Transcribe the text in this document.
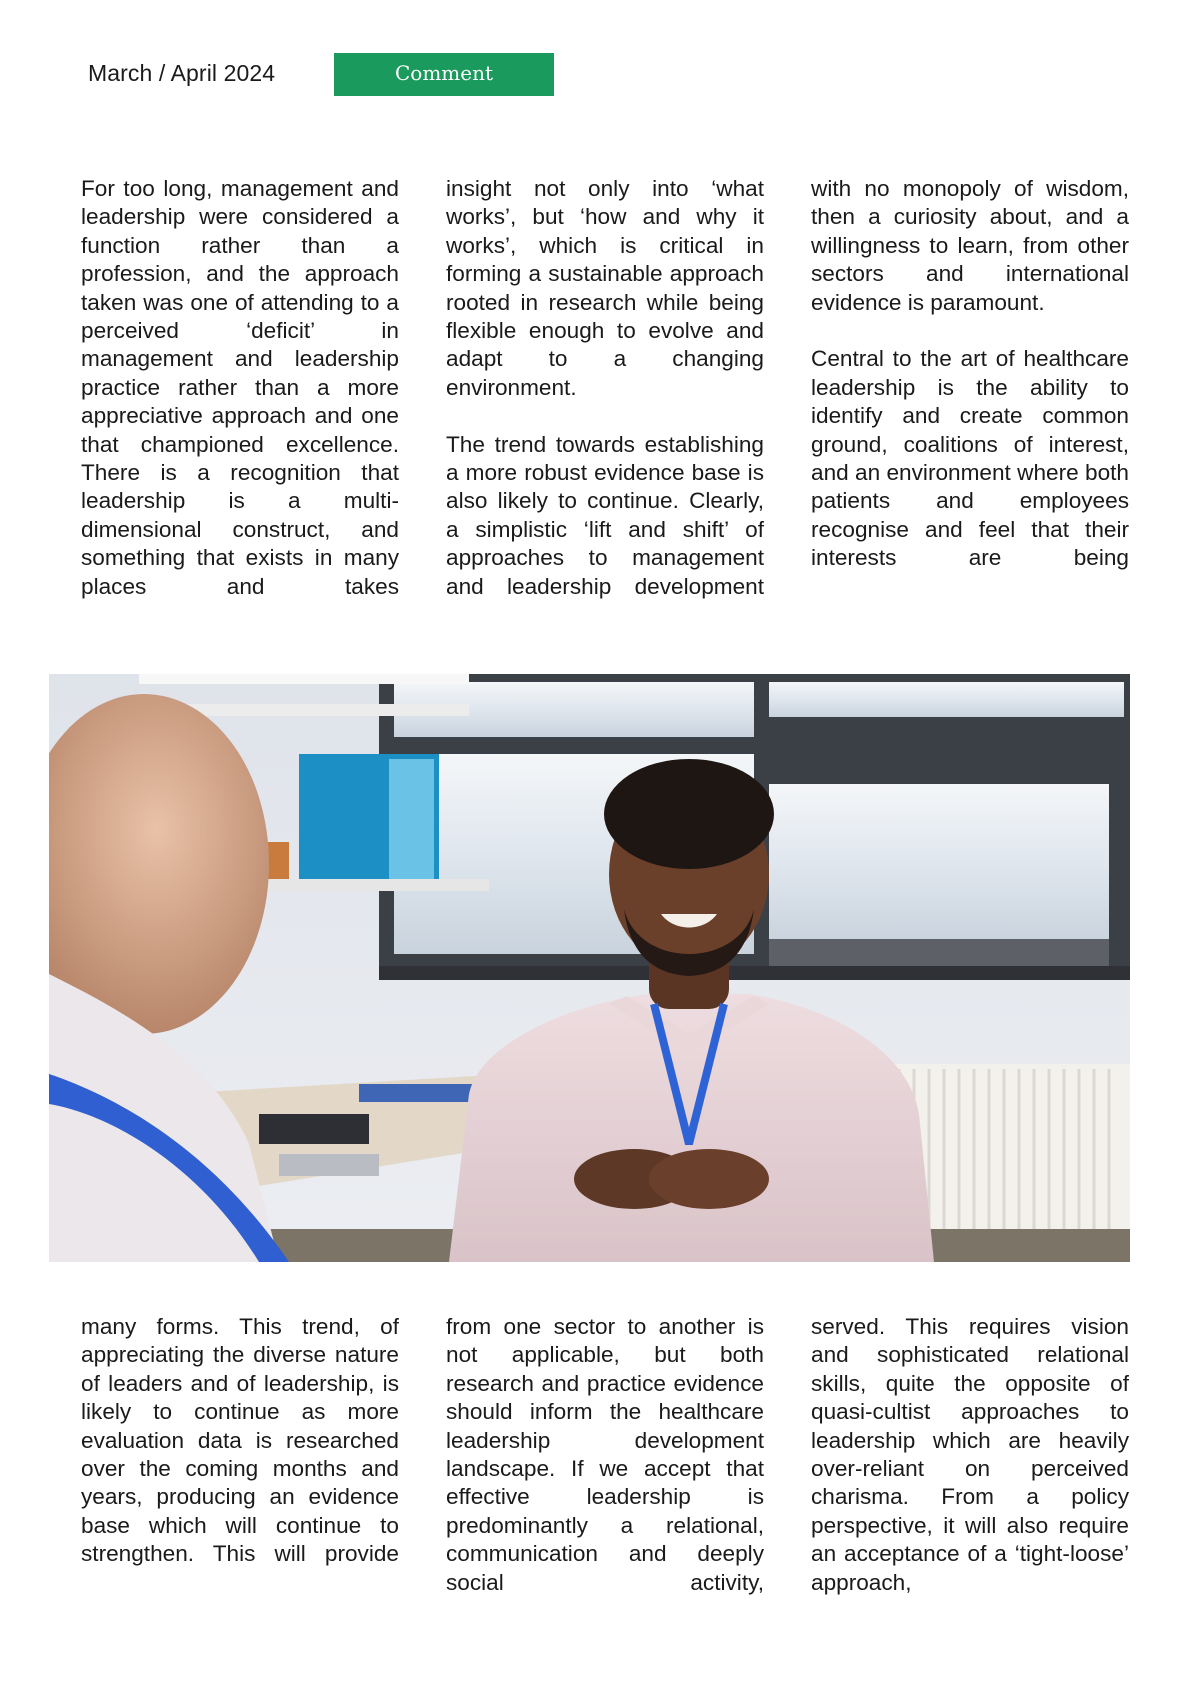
March / April 2024	Comment

For too long, management and leadership were considered a function rather than a profession, and the approach taken was one of attending to a perceived ‘deficit’ in management and leadership practice rather than a more appreciative approach and one that championed excellence. There is a recognition that leadership is a multi-dimensional construct, and something that exists in many places and takes

insight not only into ‘what works’, but ‘how and why it works’, which is critical in forming a sustainable approach rooted in research while being flexible enough to evolve and adapt to a changing environment.

The trend towards establishing a more robust evidence base is also likely to continue. Clearly, a simplistic ‘lift and shift’ of approaches to management and leadership development

with no monopoly of wisdom, then a curiosity about, and a willingness to learn, from other sectors and international evidence is paramount.

Central to the art of healthcare leadership is the ability to identify and create common ground, coalitions of interest, and an environment where both patients and employees recognise and feel that their interests are being

many forms. This trend, of appreciating the diverse nature of leaders and of leadership, is likely to continue as more evaluation data is researched over the coming months and years, producing an evidence base which will continue to strengthen. This will provide

from one sector to another is not applicable, but both research and practice evidence should inform the healthcare leadership development landscape. If we accept that effective leadership is predominantly a relational, communication and deeply social activity,

served. This requires vision and sophisticated relational skills, quite the opposite of quasi-cultist approaches to leadership which are heavily over-reliant on perceived charisma. From a policy perspective, it will also require an acceptance of a ‘tight-loose’ approach,
